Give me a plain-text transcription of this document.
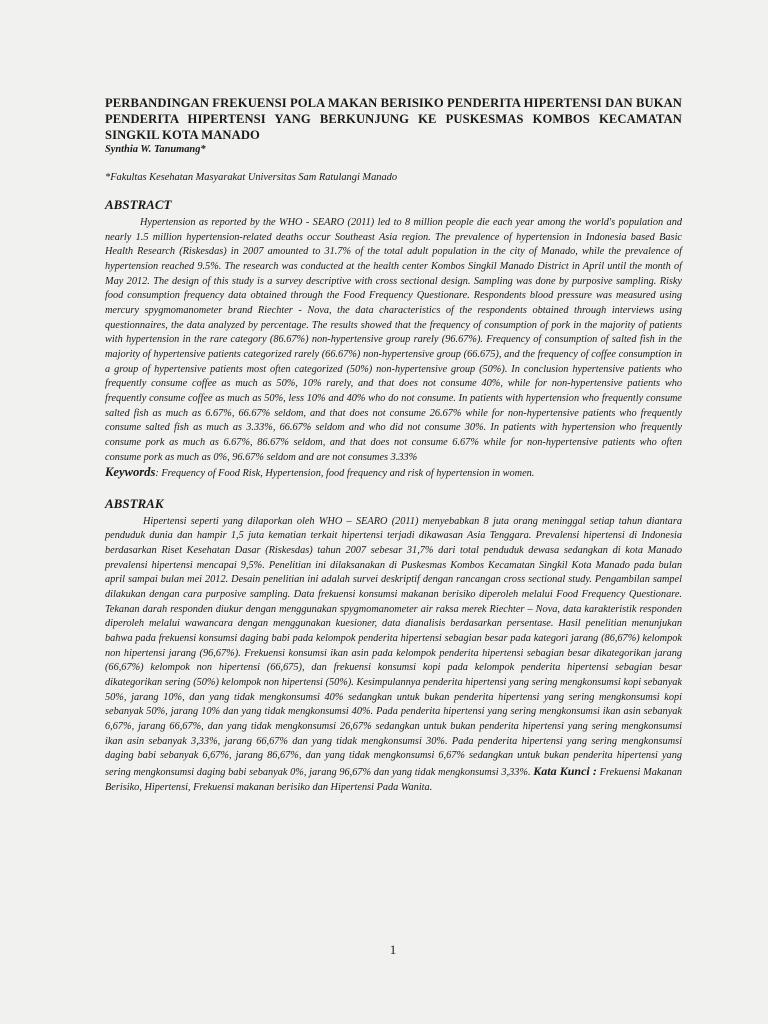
PERBANDINGAN FREKUENSI POLA MAKAN BERISIKO PENDERITA HIPERTENSI DAN BUKAN PENDERITA HIPERTENSI YANG BERKUNJUNG KE PUSKESMAS KOMBOS KECAMATAN SINGKIL KOTA MANADO

Synthia W. Tanumang*

*Fakultas Kesehatan Masyarakat Universitas Sam Ratulangi Manado

ABSTRACT

Hypertension as reported by the WHO - SEARO (2011) led to 8 million people die each year among the world's population and nearly 1.5 million hypertension-related deaths occur Southeast Asia region. The prevalence of hypertension in Indonesia based Basic Health Research (Riskesdas) in 2007 amounted to 31.7% of the total adult population in the city of Manado, while the prevalence of hypertension reached 9.5%. The research was conducted at the health center Kombos Singkil Manado District in April until the month of May 2012. The design of this study is a survey descriptive with cross sectional design. Sampling was done by purposive sampling. Risky food consumption frequency data obtained through the Food Frequency Questionare. Respondents blood pressure was measured using mercury spygmomanometer brand Riechter - Nova, the data characteristics of the respondents obtained through interviews using questionnaires, the data analyzed by percentage. The results showed that the frequency of consumption of pork in the majority of patients with hypertension in the rare category (86.67%) non-hypertensive group rarely (96.67%). Frequency of consumption of salted fish in the majority of hypertensive patients categorized rarely (66.67%) non-hypertensive group (66.675), and the frequency of coffee consumption in a group of hypertensive patients most often categorized (50%) non-hypertensive group (50%). In conclusion hypertensive patients who frequently consume coffee as much as 50%, 10% rarely, and that does not consume 40%, while for non-hypertensive patients who frequently consume coffee as much as 50%, less 10% and 40% who do not consume. In patients with hypertension who frequently consume salted fish as much as 6.67%, 66.67% seldom, and that does not consume 26.67% while for non-hypertensive patients who frequently consume salted fish as much as 3.33%, 66.67% seldom and who did not consume 30%. In patients with hypertension who frequently consume pork as much as 6.67%, 86.67% seldom, and that does not consume 6.67% while for non-hypertensive patients who often consume pork as much as 0%, 96.67% seldom and are not consumes 3.33%

Keywords: Frequency of Food Risk, Hypertension, food frequency and risk of hypertension in women.

ABSTRAK

Hipertensi seperti yang dilaporkan oleh WHO – SEARO (2011) menyebabkan 8 juta orang meninggal setiap tahun diantara penduduk dunia dan hampir 1,5 juta kematian terkait hipertensi terjadi dikawasan Asia Tenggara. Prevalensi hipertensi di Indonesia berdasarkan Riset Kesehatan Dasar (Riskesdas) tahun 2007 sebesar 31,7% dari total penduduk dewasa sedangkan di kota Manado prevalensi hipertensi mencapai 9,5%. Penelitian ini dilaksanakan di Puskesmas Kombos Kecamatan Singkil Kota Manado pada bulan april sampai bulan mei 2012. Desain penelitian ini adalah survei deskriptif dengan rancangan cross sectional study. Pengambilan sampel dilakukan dengan cara purposive sampling. Data frekuensi konsumsi makanan berisiko diperoleh melalui Food Frequency Questionare. Tekanan darah responden diukur dengan menggunakan spygmomanometer air raksa merek Riechter – Nova, data karakteristik responden diperoleh melalui wawancara dengan menggunakan kuesioner, data dianalisis berdasarkan persentase. Hasil penelitian menunjukan bahwa pada frekuensi konsumsi daging babi pada kelompok penderita hipertensi sebagian besar pada kategori jarang (86,67%) kelompok non hipertensi jarang (96,67%). Frekuensi konsumsi ikan asin pada kelompok penderita hipertensi sebagian besar dikategorikan jarang (66,67%) kelompok non hipertensi (66,675), dan frekuensi konsumsi kopi pada kelompok penderita hipertensi sebagian besar dikategorikan sering (50%) kelompok non hipertensi (50%). Kesimpulannya penderita hipertensi yang sering mengkonsumsi kopi sebanyak 50%, jarang 10%, dan yang tidak mengkonsumsi 40% sedangkan untuk bukan penderita hipertensi yang sering mengkonsumsi kopi sebanyak 50%, jarang 10% dan yang tidak mengkonsumsi 40%. Pada penderita hipertensi yang sering mengkonsumsi ikan asin sebanyak 6,67%, jarang 66,67%, dan yang tidak mengkonsumsi 26,67% sedangkan untuk bukan penderita hipertensi yang sering mengkonsumsi ikan asin sebanyak 3,33%, jarang 66,67% dan yang tidak mengkonsumsi 30%. Pada penderita hipertensi yang sering mengkonsumsi daging babi sebanyak 6,67%, jarang 86,67%, dan yang tidak mengkonsumsi 6,67% sedangkan untuk bukan penderita hipertensi yang sering mengkonsumsi daging babi sebanyak 0%, jarang 96,67% dan yang tidak mengkonsumsi 3,33%. Kata Kunci : Frekuensi Makanan Berisiko, Hipertensi, Frekuensi makanan berisiko dan Hipertensi Pada Wanita.

1
